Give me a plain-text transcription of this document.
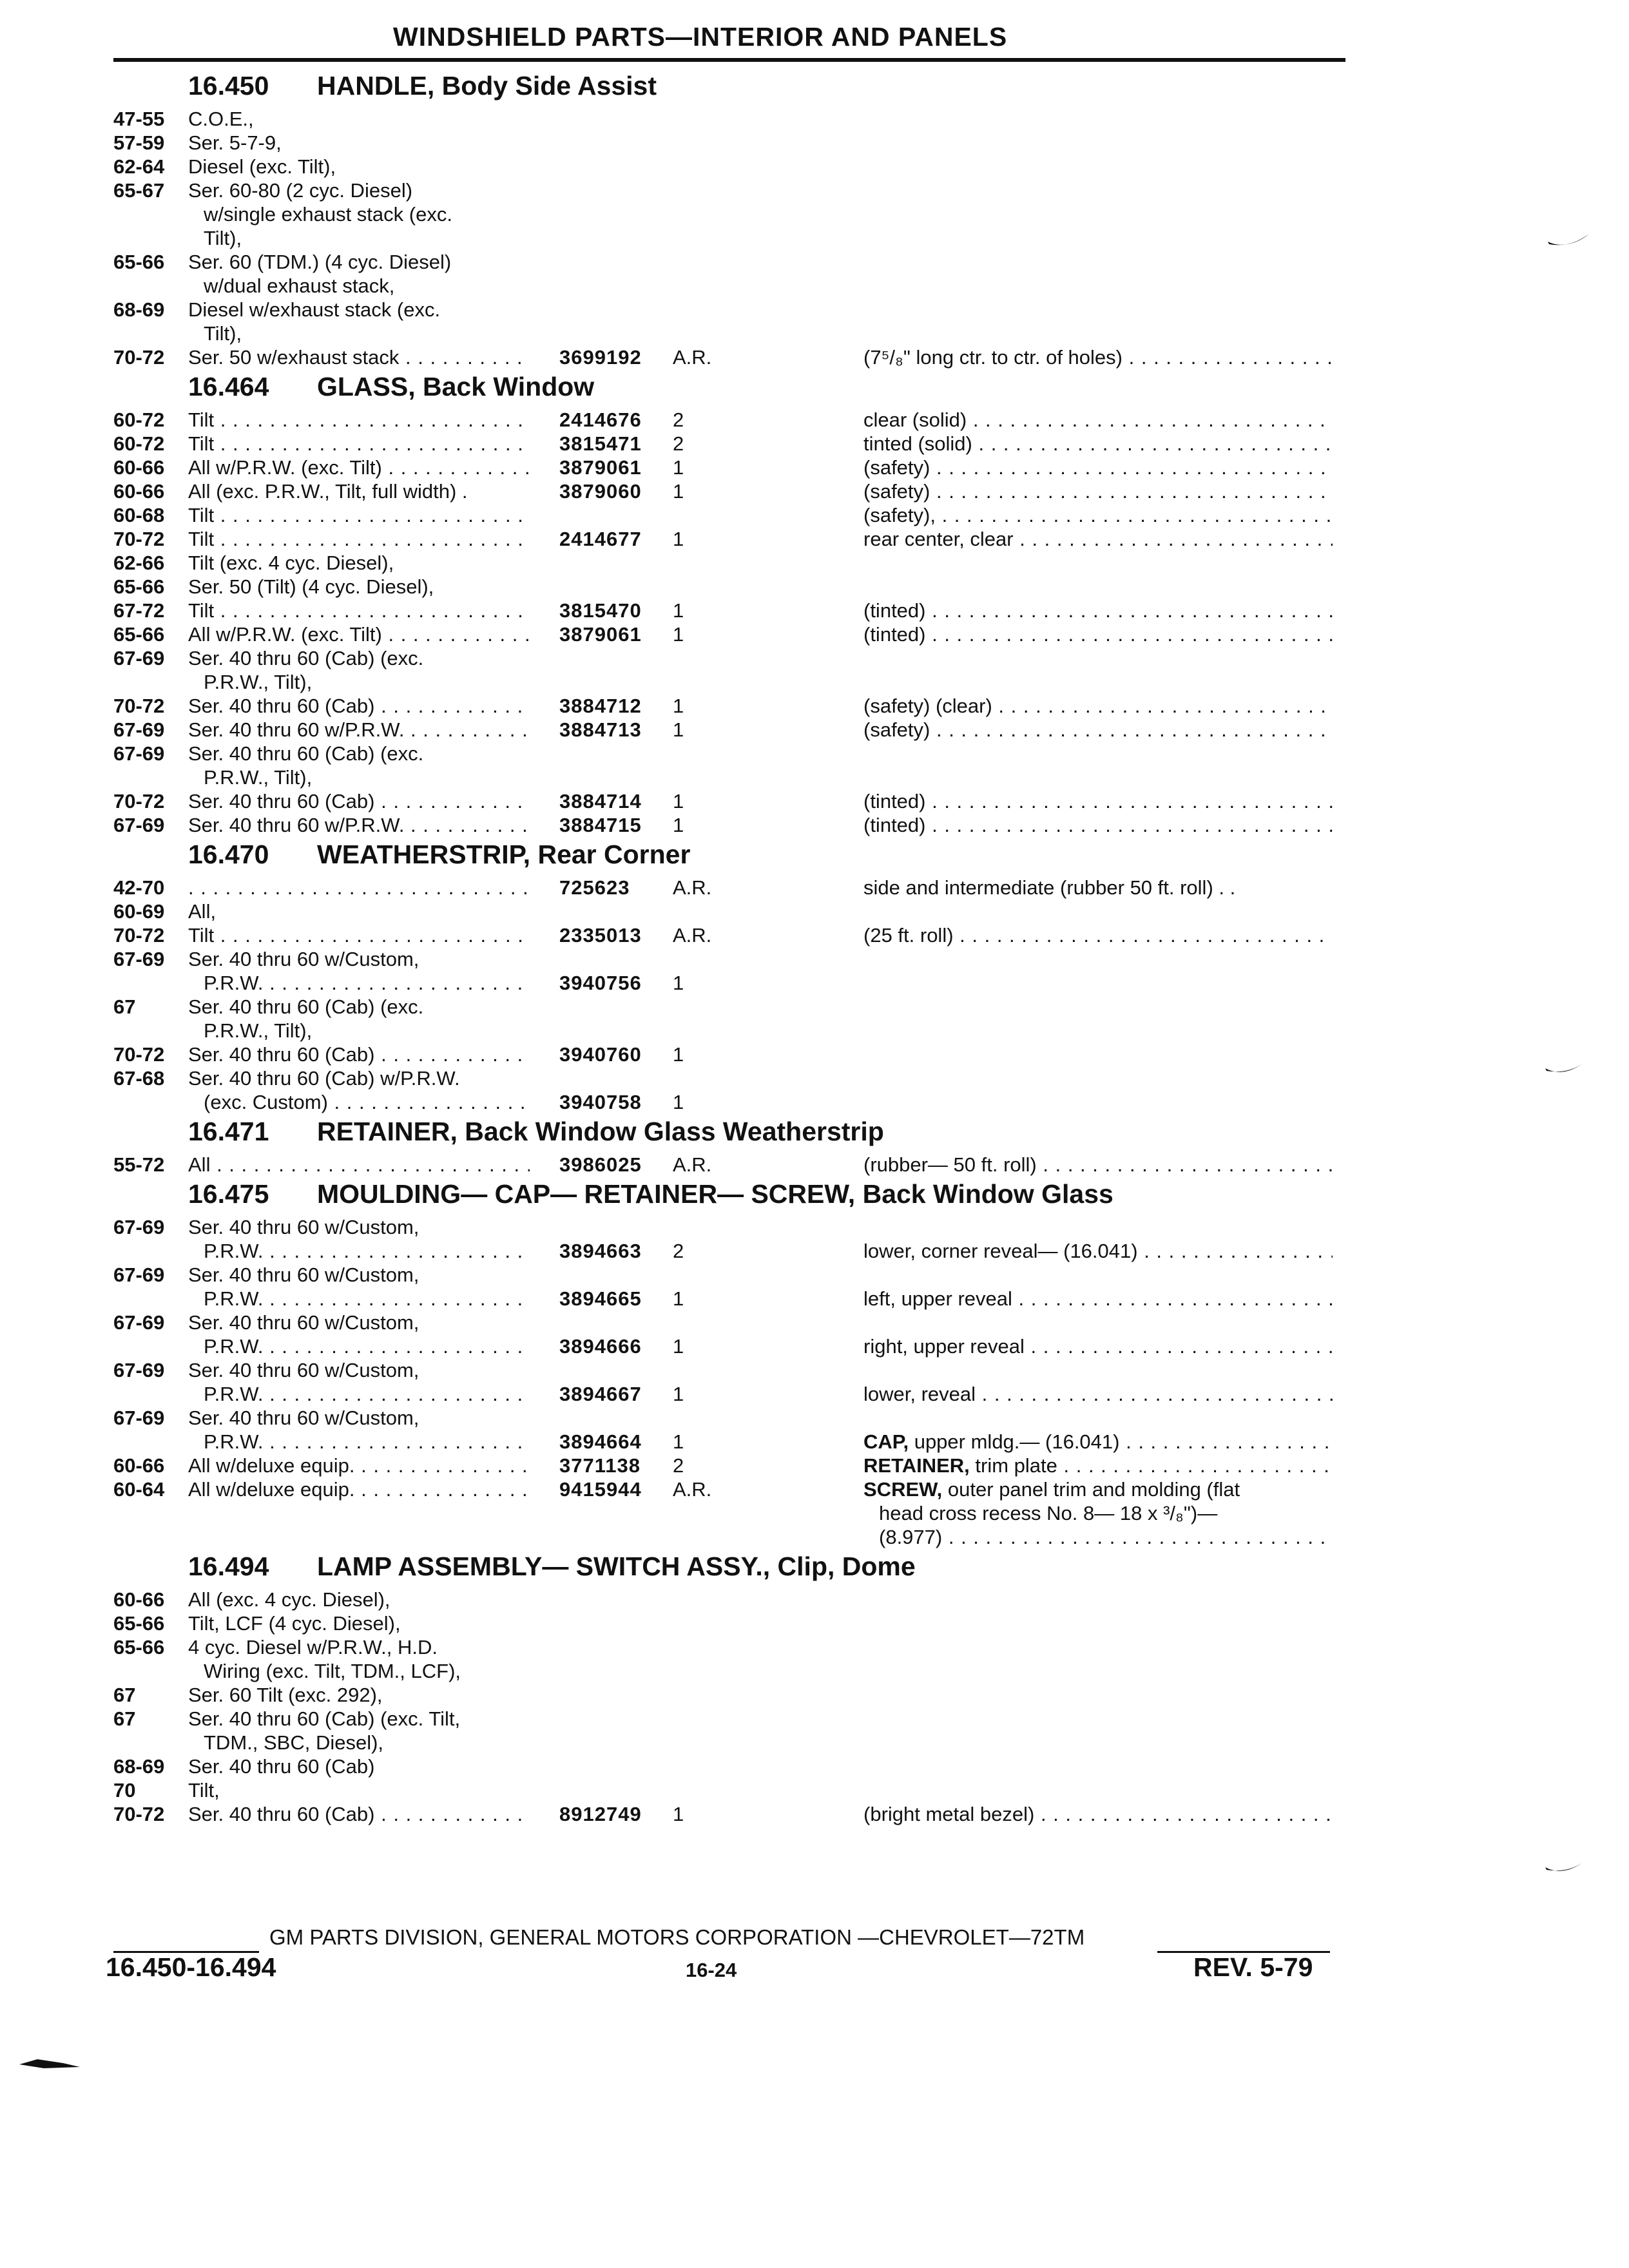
WINDSHIELD PARTS—INTERIOR AND PANELS
16.450	HANDLE, Body Side Assist
47-55 C.O.E.,
57-59 Ser. 5-7-9,
62-64 Diesel (exc. Tilt),
65-67 Ser. 60-80 (2 cyc. Diesel)
w/single exhaust stack (exc.
Tilt),
65-66 Ser. 60 (TDM.) (4 cyc. Diesel)
w/dual exhaust stack,
68-69 Diesel w/exhaust stack (exc.
Tilt),
70-72 Ser. 50 w/exhaust stack . . .	3699192	A.R.	(7⁵/₈" long ctr. to ctr. of holes) . . .
16.464	GLASS, Back Window
60-72 Tilt . . .	2414676	2	clear (solid) . . .
60-72 Tilt . . .	3815471	2	tinted (solid) . . .
60-66 All w/P.R.W. (exc. Tilt) . . .	3879061	1	(safety) . . .
60-66 All (exc. P.R.W., Tilt, full width) .	3879060	1	(safety) . . .
60-68 Tilt . . .	(safety), . . .
70-72 Tilt . . .	2414677	1	rear center, clear . . .
62-66 Tilt (exc. 4 cyc. Diesel),
65-66 Ser. 50 (Tilt) (4 cyc. Diesel),
67-72 Tilt . . .	3815470	1	(tinted) . . .
65-66 All w/P.R.W. (exc. Tilt) . . .	3879061	1	(tinted) . . .
67-69 Ser. 40 thru 60 (Cab) (exc.
P.R.W., Tilt),
70-72 Ser. 40 thru 60 (Cab) . . .	3884712	1	(safety) (clear) . . .
67-69 Ser. 40 thru 60 w/P.R.W. . . .	3884713	1	(safety) . . .
67-69 Ser. 40 thru 60 (Cab) (exc.
P.R.W., Tilt),
70-72 Ser. 40 thru 60 (Cab) . . .	3884714	1	(tinted) . . .
67-69 Ser. 40 thru 60 w/P.R.W. . . .	3884715	1	(tinted) . . .
16.470	WEATHERSTRIP, Rear Corner
42-70
. . .	725623	A.R.	side and intermediate (rubber 50 ft. roll) . .
60-69 All,
70-72 Tilt . . .	2335013	A.R.	(25 ft. roll) . . .
67-69 Ser. 40 thru 60 w/Custom,
P.R.W. . . .	3940756	1
67	Ser. 40 thru 60 (Cab) (exc.
P.R.W., Tilt),
70-72 Ser. 40 thru 60 (Cab) . . .	3940760	1
67-68 Ser. 40 thru 60 (Cab) w/P.R.W.
(exc. Custom) . . .	3940758	1
16.471	RETAINER, Back Window Glass Weatherstrip
55-72 All . . .	3986025	A.R.	(rubber— 50 ft. roll) . . .
16.475	MOULDING— CAP— RETAINER— SCREW, Back Window Glass
67-69 Ser. 40 thru 60 w/Custom,
P.R.W. . . .	3894663	2	lower, corner reveal— (16.041) . . .
67-69 Ser. 40 thru 60 w/Custom,
P.R.W. . . .	3894665	1	left, upper reveal . . .
67-69 Ser. 40 thru 60 w/Custom,
P.R.W. . . .	3894666	1	right, upper reveal . . .
67-69 Ser. 40 thru 60 w/Custom,
P.R.W. . . .	3894667	1	lower, reveal . . .
67-69 Ser. 40 thru 60 w/Custom,
P.R.W. . . .	3894664	1	CAP, upper mldg.— (16.041) . . .
60-66 All w/deluxe equip. . . .	3771138	2	RETAINER, trim plate . . .
60-64 All w/deluxe equip. . . .	9415944	A.R.	SCREW, outer panel trim and molding (flat
head cross recess No. 8— 18 x ³/₈")—
(8.977) . . .
16.494	LAMP ASSEMBLY— SWITCH ASSY., Clip, Dome
60-66 All (exc. 4 cyc. Diesel),
65-66 Tilt, LCF (4 cyc. Diesel),
65-66 4 cyc. Diesel w/P.R.W., H.D.
Wiring (exc. Tilt, TDM., LCF),
67	Ser. 60 Tilt (exc. 292),
67	Ser. 40 thru 60 (Cab) (exc. Tilt,
TDM., SBC, Diesel),
68-69 Ser. 40 thru 60 (Cab)
70	Tilt,
70-72 Ser. 40 thru 60 (Cab) . . .	8912749	1	(bright metal bezel) . . .
GM PARTS DIVISION, GENERAL MOTORS CORPORATION —CHEVROLET—72TM
16.450-16.494	16-24	REV. 5-79
